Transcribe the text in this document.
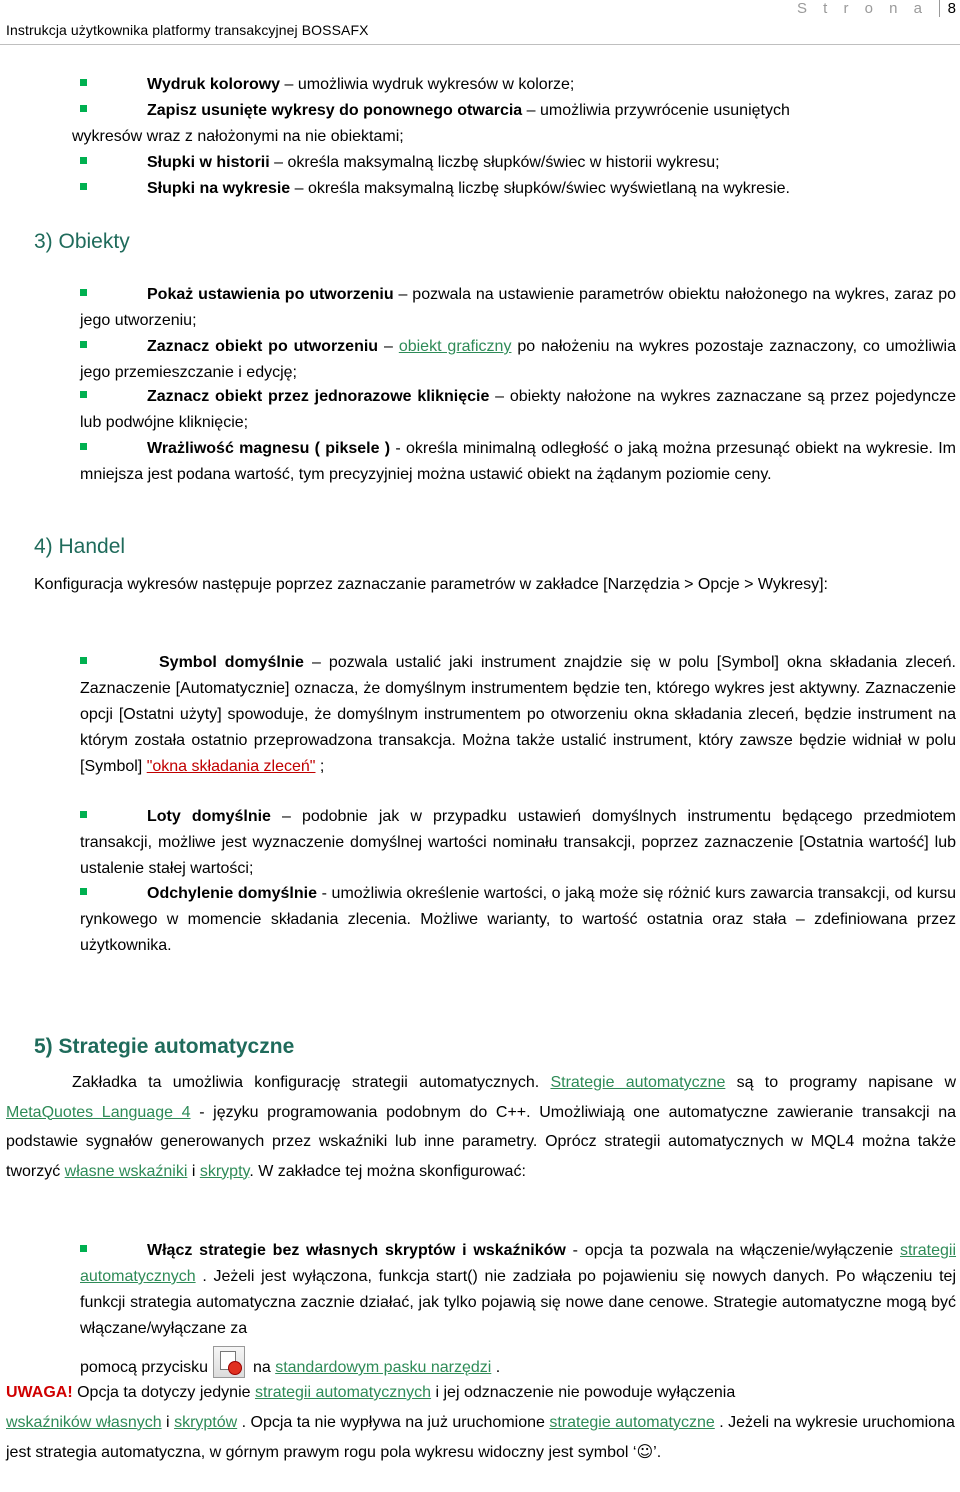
Instrukcja użytkownika platformy transakcyjnej BOSSAFX
S t r o n a	8
Wydruk kolorowy – umożliwia wydruk wykresów w kolorze;
Zapisz usunięte wykresy do ponownego otwarcia – umożliwia przywrócenie usuniętych
wykresów wraz z nałożonymi na nie obiektami;
Słupki w historii – określa maksymalną liczbę słupków/świec w historii wykresu;
Słupki na wykresie – określa maksymalną liczbę słupków/świec wyświetlaną na wykresie.
3) Obiekty
Pokaż ustawienia po utworzeniu – pozwala na ustawienie parametrów obiektu nałożonego na wykres, zaraz po jego utworzeniu;
Zaznacz obiekt po utworzeniu – obiekt graficzny po nałożeniu na wykres pozostaje zaznaczony, co umożliwia jego przemieszczanie i edycję;
Zaznacz obiekt przez jednorazowe kliknięcie – obiekty nałożone na wykres zaznaczane są przez pojedyncze lub podwójne kliknięcie;
Wrażliwość magnesu ( piksele ) - określa minimalną odległość o jaką można przesunąć obiekt na wykresie. Im mniejsza jest podana wartość, tym precyzyjniej można ustawić obiekt na żądanym poziomie ceny.
4) Handel
Konfiguracja wykresów następuje poprzez zaznaczanie parametrów w zakładce [Narzędzia > Opcje > Wykresy]:
Symbol domyślnie – pozwala ustalić jaki instrument znajdzie się w polu [Symbol] okna składania zleceń. Zaznaczenie [Automatycznie] oznacza, że domyślnym instrumentem będzie ten, którego wykres jest aktywny. Zaznaczenie opcji [Ostatni użyty] spowoduje, że domyślnym instrumentem po otworzeniu okna składania zleceń, będzie instrument na którym została ostatnio przeprowadzona transakcja. Można także ustalić instrument, który zawsze będzie widniał w polu [Symbol] "okna składania zleceń" ;
Loty domyślnie – podobnie jak w przypadku ustawień domyślnych instrumentu będącego przedmiotem transakcji, możliwe jest wyznaczenie domyślnej wartości nominału transakcji, poprzez zaznaczenie [Ostatnia wartość] lub ustalenie stałej wartości;
Odchylenie domyślnie - umożliwia określenie wartości, o jaką może się różnić kurs zawarcia transakcji, od kursu rynkowego w momencie składania zlecenia. Możliwe warianty, to wartość ostatnia oraz stała – zdefiniowana przez użytkownika.
5) Strategie automatyczne
Zakładka ta umożliwia konfigurację strategii automatycznych. Strategie automatyczne są to programy napisane w MetaQuotes Language 4 - języku programowania podobnym do C++. Umożliwiają one automatyczne zawieranie transakcji na podstawie sygnałów generowanych przez wskaźniki lub inne parametry. Oprócz strategii automatycznych w MQL4 można także tworzyć własne wskaźniki i skrypty. W zakładce tej można skonfigurować:
Włącz strategie bez własnych skryptów i wskaźników - opcja ta pozwala na włączenie/wyłączenie strategii automatycznych . Jeżeli jest wyłączona, funkcja start() nie zadziała po pojawieniu się nowych danych. Po włączeniu tej funkcji strategia automatyczna zacznie działać, jak tylko pojawią się nowe dane cenowe. Strategie automatyczne mogą być włączane/wyłączane za
pomocą przycisku
na standardowym pasku narzędzi .
UWAGA! Opcja ta dotyczy jedynie strategii automatycznych i jej odznaczenie nie powoduje wyłączenia
wskaźników własnych i skryptów . Opcja ta nie wypływa na już uruchomione strategie automatyczne . Jeżeli na wykresie uruchomiona jest strategia automatyczna, w górnym prawym rogu pola wykresu widoczny jest symbol ‘☺’.
